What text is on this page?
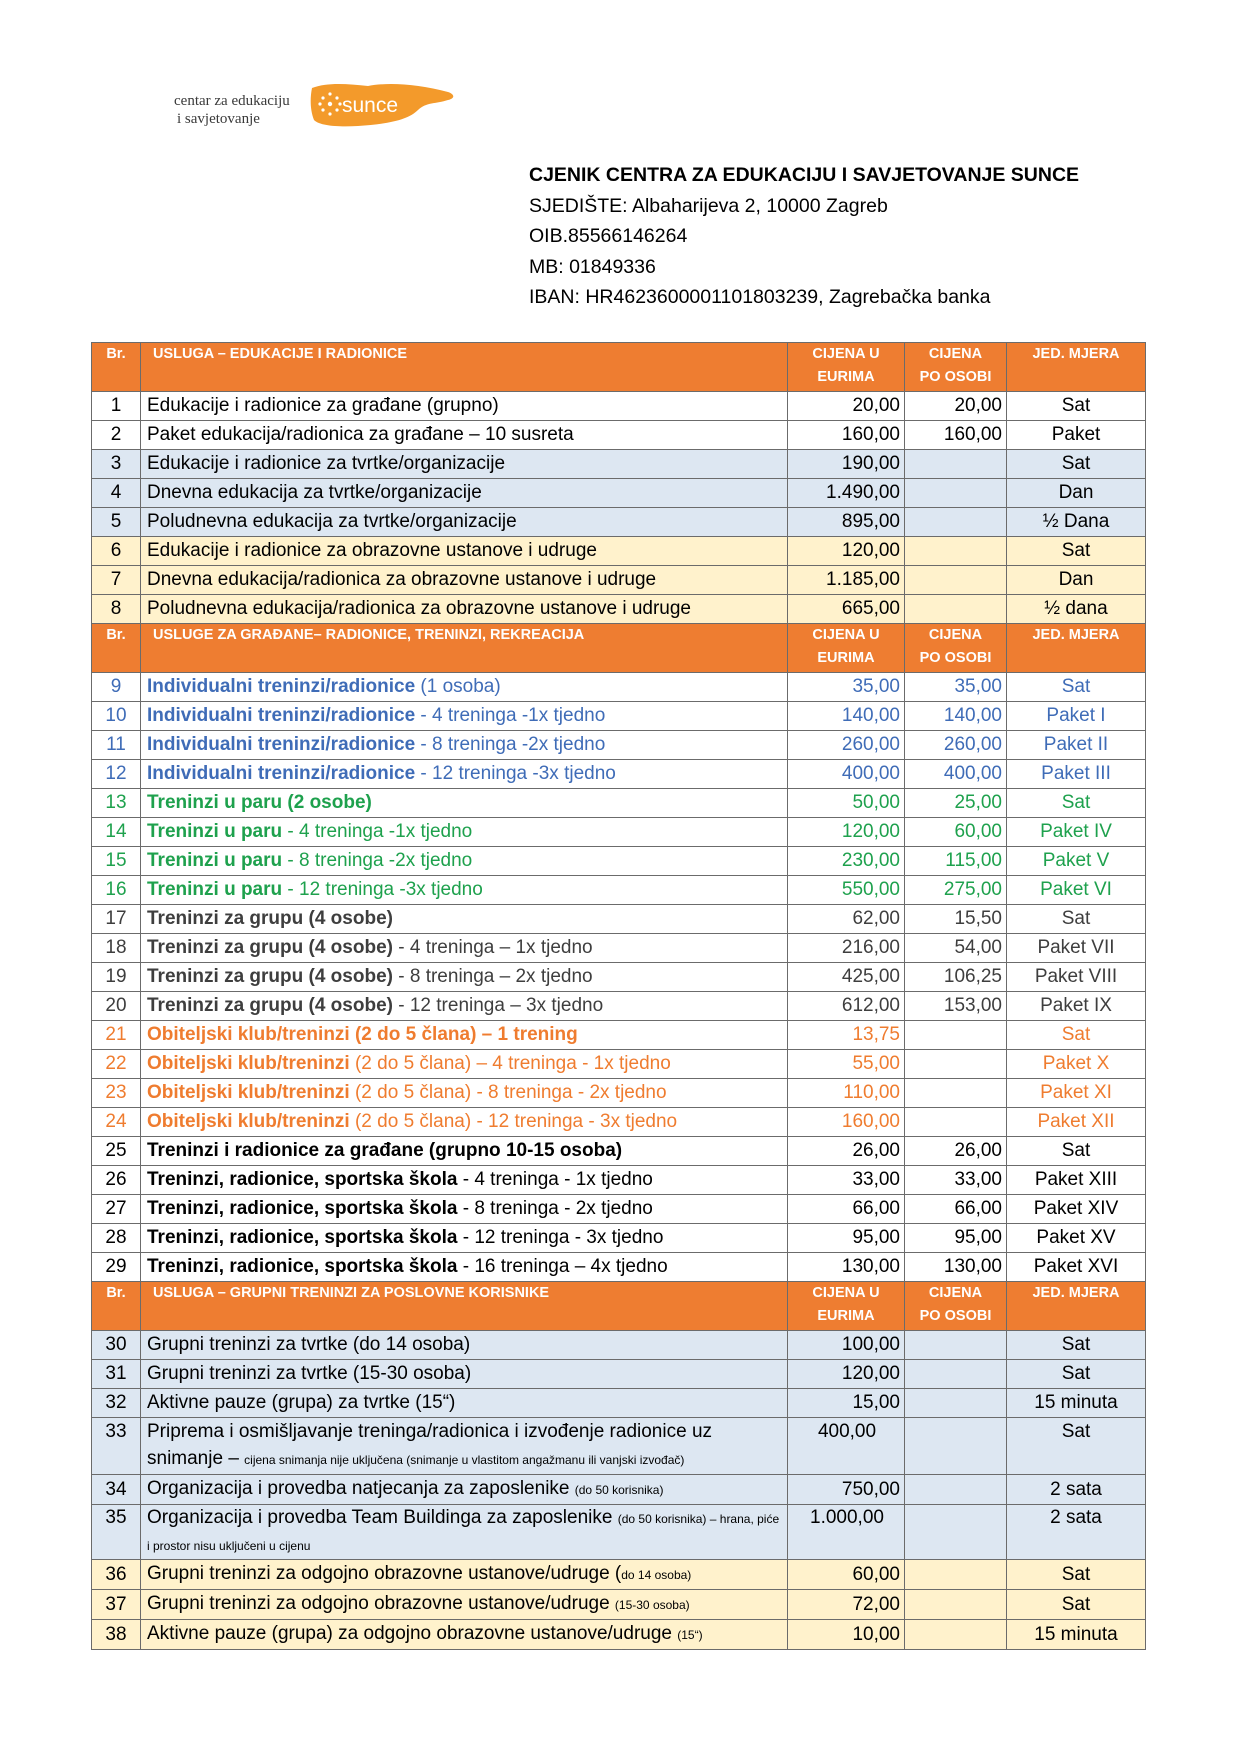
centar za edukaciju
i savjetovanje
sunce
CJENIK CENTRA ZA EDUKACIJU I SAVJETOVANJE SUNCE
SJEDIŠTE: Albaharijeva 2, 10000 Zagreb
OIB.85566146264
MB: 01849336
IBAN: HR4623600001101803239, Zagrebačka banka
Br.	USLUGA – EDUKACIJE I RADIONICE	CIJENA U EURIMA	CIJENA PO OSOBI	JED. MJERA
1	Edukacije i radionice za građane (grupno)	20,00	20,00	Sat
2	Paket edukacija/radionica za građane – 10 susreta	160,00	160,00	Paket
3	Edukacije i radionice za tvrtke/organizacije	190,00		Sat
4	Dnevna edukacija za tvrtke/organizacije	1.490,00		Dan
5	Poludnevna edukacija za tvrtke/organizacije	895,00		½ Dana
6	Edukacije i radionice za obrazovne ustanove i udruge	120,00		Sat
7	Dnevna edukacija/radionica za obrazovne ustanove i udruge	1.185,00		Dan
8	Poludnevna edukacija/radionica za obrazovne ustanove i udruge	665,00		½ dana
Br.	USLUGE ZA GRAĐANE– RADIONICE, TRENINZI, REKREACIJA	CIJENA U EURIMA	CIJENA PO OSOBI	JED. MJERA
9	Individualni treninzi/radionice (1 osoba)	35,00	35,00	Sat
10	Individualni treninzi/radionice - 4 treninga -1x tjedno	140,00	140,00	Paket I
11	Individualni treninzi/radionice - 8 treninga -2x tjedno	260,00	260,00	Paket II
12	Individualni treninzi/radionice - 12 treninga -3x tjedno	400,00	400,00	Paket III
13	Treninzi u paru (2 osobe)	50,00	25,00	Sat
14	Treninzi u paru - 4 treninga -1x tjedno	120,00	60,00	Paket IV
15	Treninzi u paru - 8 treninga -2x tjedno	230,00	115,00	Paket V
16	Treninzi u paru - 12 treninga -3x tjedno	550,00	275,00	Paket VI
17	Treninzi za grupu (4 osobe)	62,00	15,50	Sat
18	Treninzi za grupu (4 osobe) - 4 treninga – 1x tjedno	216,00	54,00	Paket VII
19	Treninzi za grupu (4 osobe) - 8 treninga – 2x tjedno	425,00	106,25	Paket VIII
20	Treninzi za grupu (4 osobe) - 12 treninga – 3x tjedno	612,00	153,00	Paket IX
21	Obiteljski klub/treninzi (2 do 5 člana) – 1 trening	13,75		Sat
22	Obiteljski klub/treninzi (2 do 5 člana) – 4 treninga - 1x tjedno	55,00		Paket X
23	Obiteljski klub/treninzi (2 do 5 člana) - 8 treninga - 2x tjedno	110,00		Paket XI
24	Obiteljski klub/treninzi (2 do 5 člana) - 12 treninga - 3x tjedno	160,00		Paket XII
25	Treninzi i radionice za građane (grupno 10-15 osoba)	26,00	26,00	Sat
26	Treninzi, radionice, sportska škola - 4 treninga - 1x tjedno	33,00	33,00	Paket XIII
27	Treninzi, radionice, sportska škola - 8 treninga - 2x tjedno	66,00	66,00	Paket XIV
28	Treninzi, radionice, sportska škola - 12 treninga - 3x tjedno	95,00	95,00	Paket XV
29	Treninzi, radionice, sportska škola - 16 treninga – 4x tjedno	130,00	130,00	Paket XVI
Br.	USLUGA – GRUPNI TRENINZI ZA POSLOVNE KORISNIKE	CIJENA U EURIMA	CIJENA PO OSOBI	JED. MJERA
30	Grupni treninzi za tvrtke (do 14 osoba)	100,00		Sat
31	Grupni treninzi za tvrtke (15-30 osoba)	120,00		Sat
32	Aktivne pauze (grupa) za tvrtke (15“)	15,00		15 minuta
33	Priprema i osmišljavanje treninga/radionica i izvođenje radionice uz snimanje – cijena snimanja nije uključena (snimanje u vlastitom angažmanu ili vanjski izvođač)	400,00		Sat
34	Organizacija i provedba natjecanja za zaposlenike (do 50 korisnika)	750,00		2 sata
35	Organizacija i provedba Team Buildinga za zaposlenike (do 50 korisnika) – hrana, piće i prostor nisu uključeni u cijenu	1.000,00		2 sata
36	Grupni treninzi za odgojno obrazovne ustanove/udruge (do 14 osoba)	60,00		Sat
37	Grupni treninzi za odgojno obrazovne ustanove/udruge (15-30 osoba)	72,00		Sat
38	Aktivne pauze (grupa) za odgojno obrazovne ustanove/udruge (15“)	10,00		15 minuta
